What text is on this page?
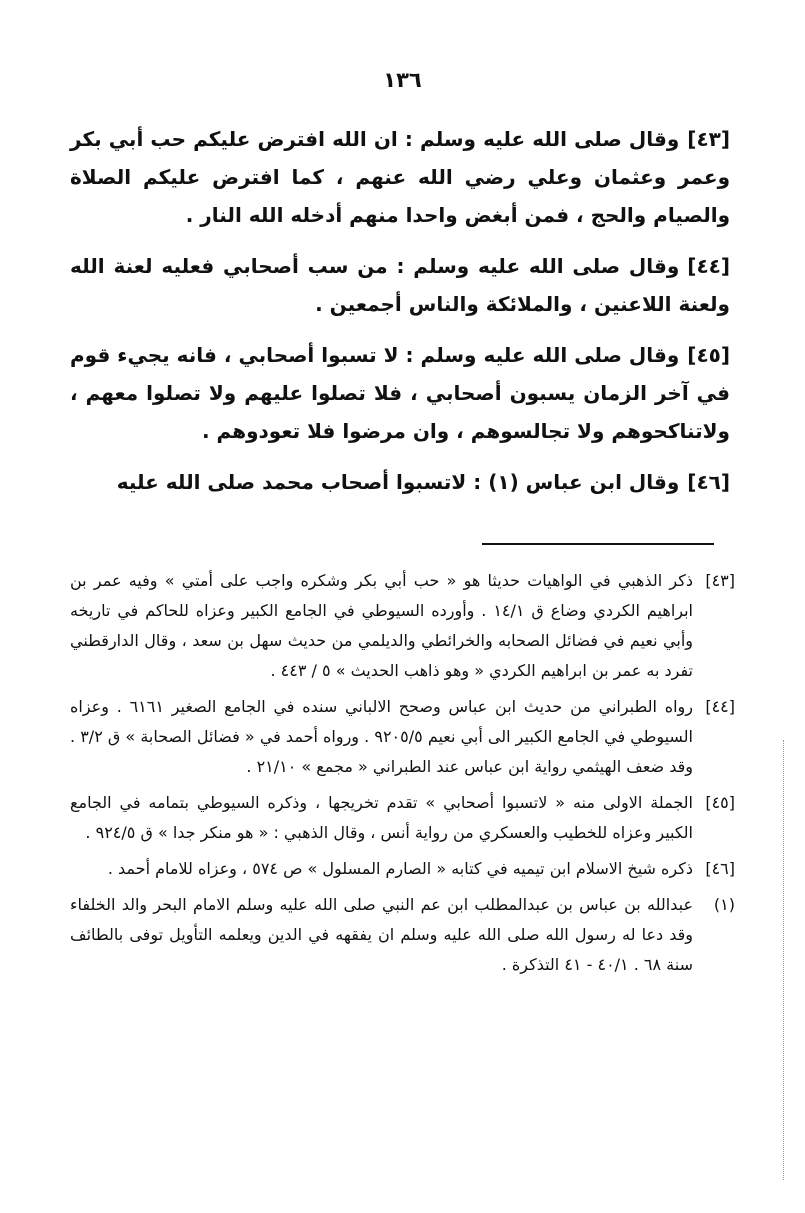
١٣٦

[٤٣]وقال صلى الله عليه وسلم : ان الله افترض عليكم حب أبي بكر وعمر وعثمان وعلي رضي الله عنهم ، كما افترض عليكم الصلاة والصيام والحج ، فمن أبغض واحدا منهم أدخله الله النار .

[٤٤]وقال صلى الله عليه وسلم : من سب أصحابي فعليه لعنة الله ولعنة اللاعنين ، والملائكة والناس أجمعين .

[٤٥]وقال صلى الله عليه وسلم : لا تسبوا أصحابي ، فانه يجيء قوم في آخر الزمان يسبون أصحابي ، فلا تصلوا عليهم ولا تصلوا معهم ، ولاتناكحوهم ولا تجالسوهم ، وان مرضوا فلا تعودوهم .

[٤٦]وقال ابن عباس (١) : لاتسبوا أصحاب محمد صلى الله عليه

[٤٣]
ذكر الذهبي في الواهيات حديثا هو « حب أبي بكر وشكره واجب على أمتي » وفيه عمر بن ابراهيم الكردي وضاع ق ١٤/١ . وأورده السيوطي في الجامع الكبير وعزاه للحاكم في تاريخه وأبي نعيم في فضائل الصحابه والخرائطي والديلمي من حديث سهل بن سعد ، وقال الدارقطني تفرد به عمر بن ابراهيم الكردي « وهو ذاهب الحديث » ٥ / ٤٤٣ .
[٤٤]
رواه الطبراني من حديث ابن عباس وصحح الالباني سنده في الجامع الصغير ٦١٦١ . وعزاه السيوطي في الجامع الكبير الى أبي نعيم ٩٢٠٥/٥ . ورواه أحمد في « فضائل الصحابة » ق ٣/٢ . وقد ضعف الهيثمي رواية ابن عباس عند الطبراني « مجمع » ٢١/١٠ .
[٤٥]
الجملة الاولى منه « لاتسبوا أصحابي » تقدم تخريجها ، وذكره السيوطي بتمامه في الجامع الكبير وعزاه للخطيب والعسكري من رواية أنس ، وقال الذهبي : « هو منكر جدا » ق ٩٢٤/٥ .
[٤٦]
ذكره شيخ الاسلام ابن تيميه في كتابه « الصارم المسلول » ص ٥٧٤ ، وعزاه للامام أحمد .
(١)
عبدالله بن عباس بن عبدالمطلب ابن عم النبي صلى الله عليه وسلم الامام البحر والد الخلفاء وقد دعا له رسول الله صلى الله عليه وسلم ان يفقهه في الدين ويعلمه التأويل توفى بالطائف سنة ٦٨ . ٤٠/١ - ٤١ التذكرة .
